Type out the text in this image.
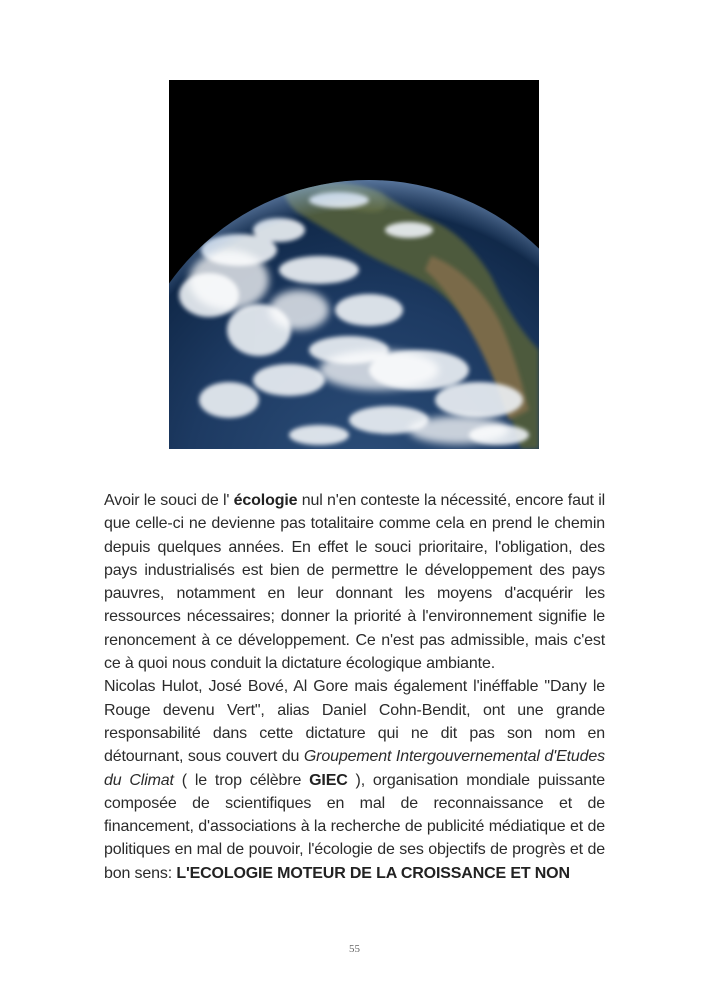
Avoir le souci de l' écologie nul n'en conteste la nécessité, encore faut il que celle-ci ne devienne pas totalitaire comme cela en prend le chemin depuis quelques années. En effet le souci prioritaire, l'obligation, des pays industrialisés est bien de permettre le développement des pays pauvres, notamment en leur donnant les moyens d'acquérir les ressources nécessaires; donner la priorité à l'environnement signifie le renoncement à ce développement. Ce n'est pas admissible, mais c'est ce à quoi nous conduit la dictature écologique ambiante.

Nicolas Hulot, José Bové, Al Gore mais également l'inéffable "Dany le Rouge devenu Vert", alias Daniel Cohn-Bendit, ont une grande responsabilité dans cette dictature qui ne dit pas son nom en détournant, sous couvert du Groupement Intergouvernemental d'Etudes du Climat ( le trop célèbre GIEC ), organisation mondiale puissante composée de scientifiques en mal de reconnaissance et de financement, d'associations à la recherche de publicité médiatique et de politiques en mal de pouvoir, l'écologie de ses objectifs de progrès et de bon sens: L'ECOLOGIE MOTEUR DE LA CROISSANCE ET NON

55
